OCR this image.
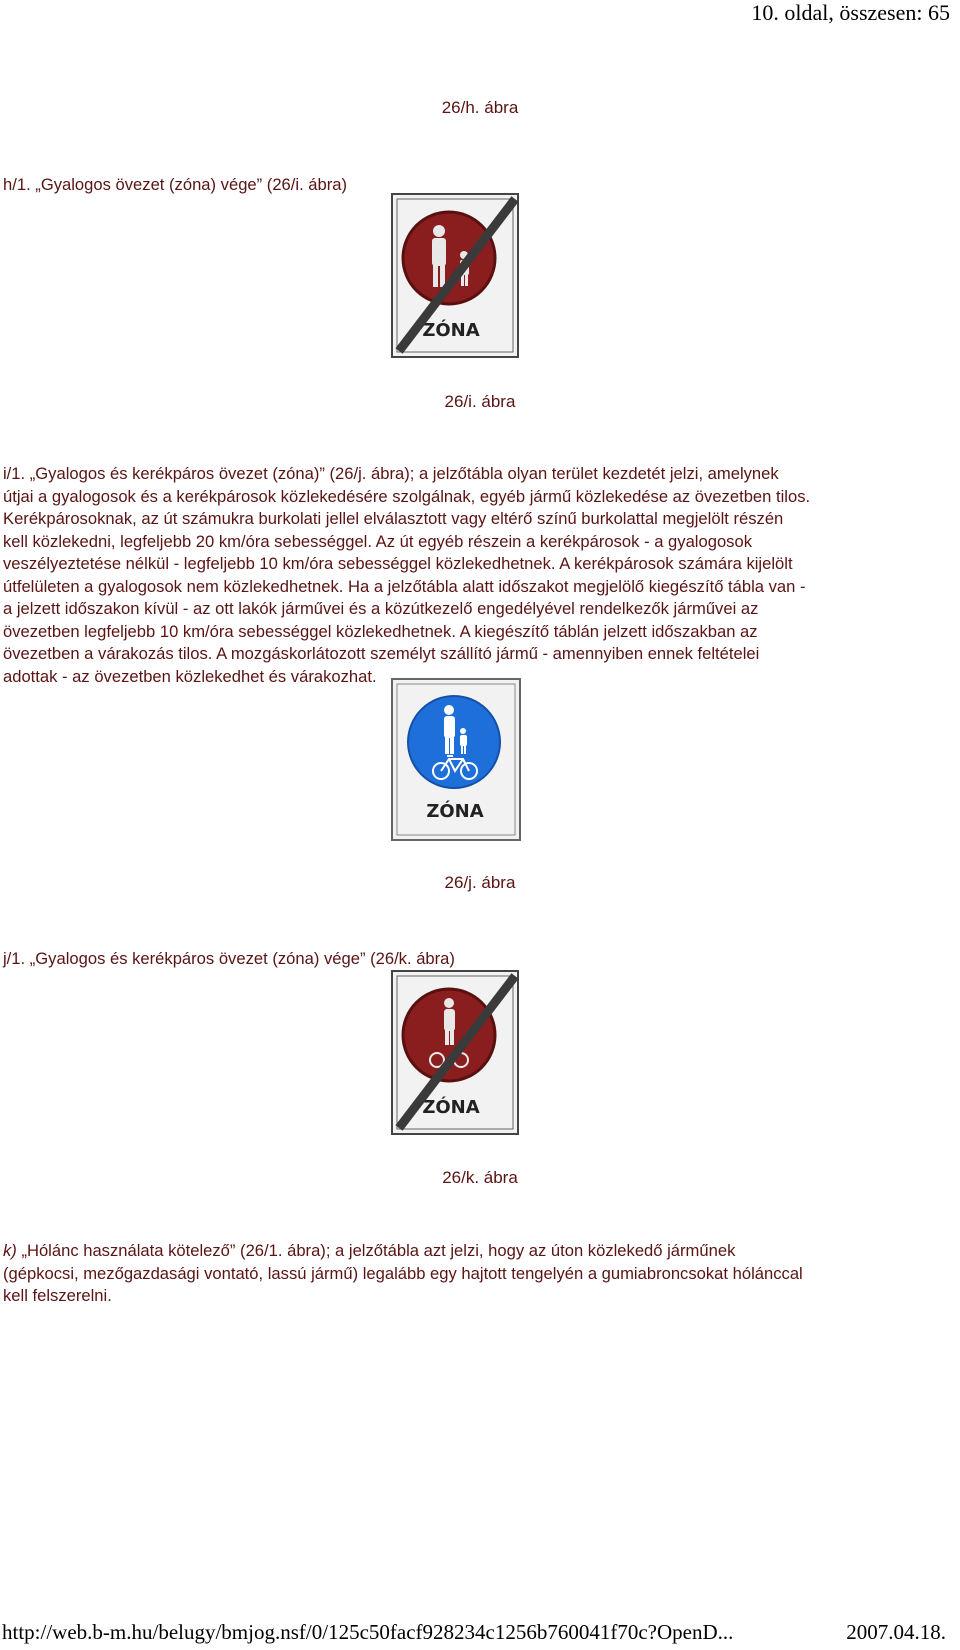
10. oldal, összesen: 65
26/h. ábra
h/1. „Gyalogos övezet (zóna) vége” (26/i. ábra)
ZÓNA
26/i. ábra
i/1. „Gyalogos és kerékpáros övezet (zóna)” (26/j. ábra); a jelzőtábla olyan terület kezdetét jelzi, amelynek
útjai a gyalogosok és a kerékpárosok közlekedésére szolgálnak, egyéb jármű közlekedése az övezetben tilos.
Kerékpárosoknak, az út számukra burkolati jellel elválasztott vagy eltérő színű burkolattal megjelölt részén
kell közlekedni, legfeljebb 20 km/óra sebességgel. Az út egyéb részein a kerékpárosok - a gyalogosok
veszélyeztetése nélkül - legfeljebb 10 km/óra sebességgel közlekedhetnek. A kerékpárosok számára kijelölt
útfelületen a gyalogosok nem közlekedhetnek. Ha a jelzőtábla alatt időszakot megjelölő kiegészítő tábla van -
a jelzett időszakon kívül - az ott lakók járművei és a közútkezelő engedélyével rendelkezők járművei az
övezetben legfeljebb 10 km/óra sebességgel közlekedhetnek. A kiegészítő táblán jelzett időszakban az
övezetben a várakozás tilos. A mozgáskorlátozott személyt szállító jármű - amennyiben ennek feltételei
adottak - az övezetben közlekedhet és várakozhat.
ZÓNA
26/j. ábra
j/1. „Gyalogos és kerékpáros övezet (zóna) vége” (26/k. ábra)
ZÓNA
26/k. ábra
k) „Hólánc használata kötelező” (26/1. ábra); a jelzőtábla azt jelzi, hogy az úton közlekedő járműnek
(gépkocsi, mezőgazdasági vontató, lassú jármű) legalább egy hajtott tengelyén a gumiabroncsokat hólánccal
kell felszerelni.
http://web.b-m.hu/belugy/bmjog.nsf/0/125c50facf928234c1256b760041f70c?OpenD...	2007.04.18.
